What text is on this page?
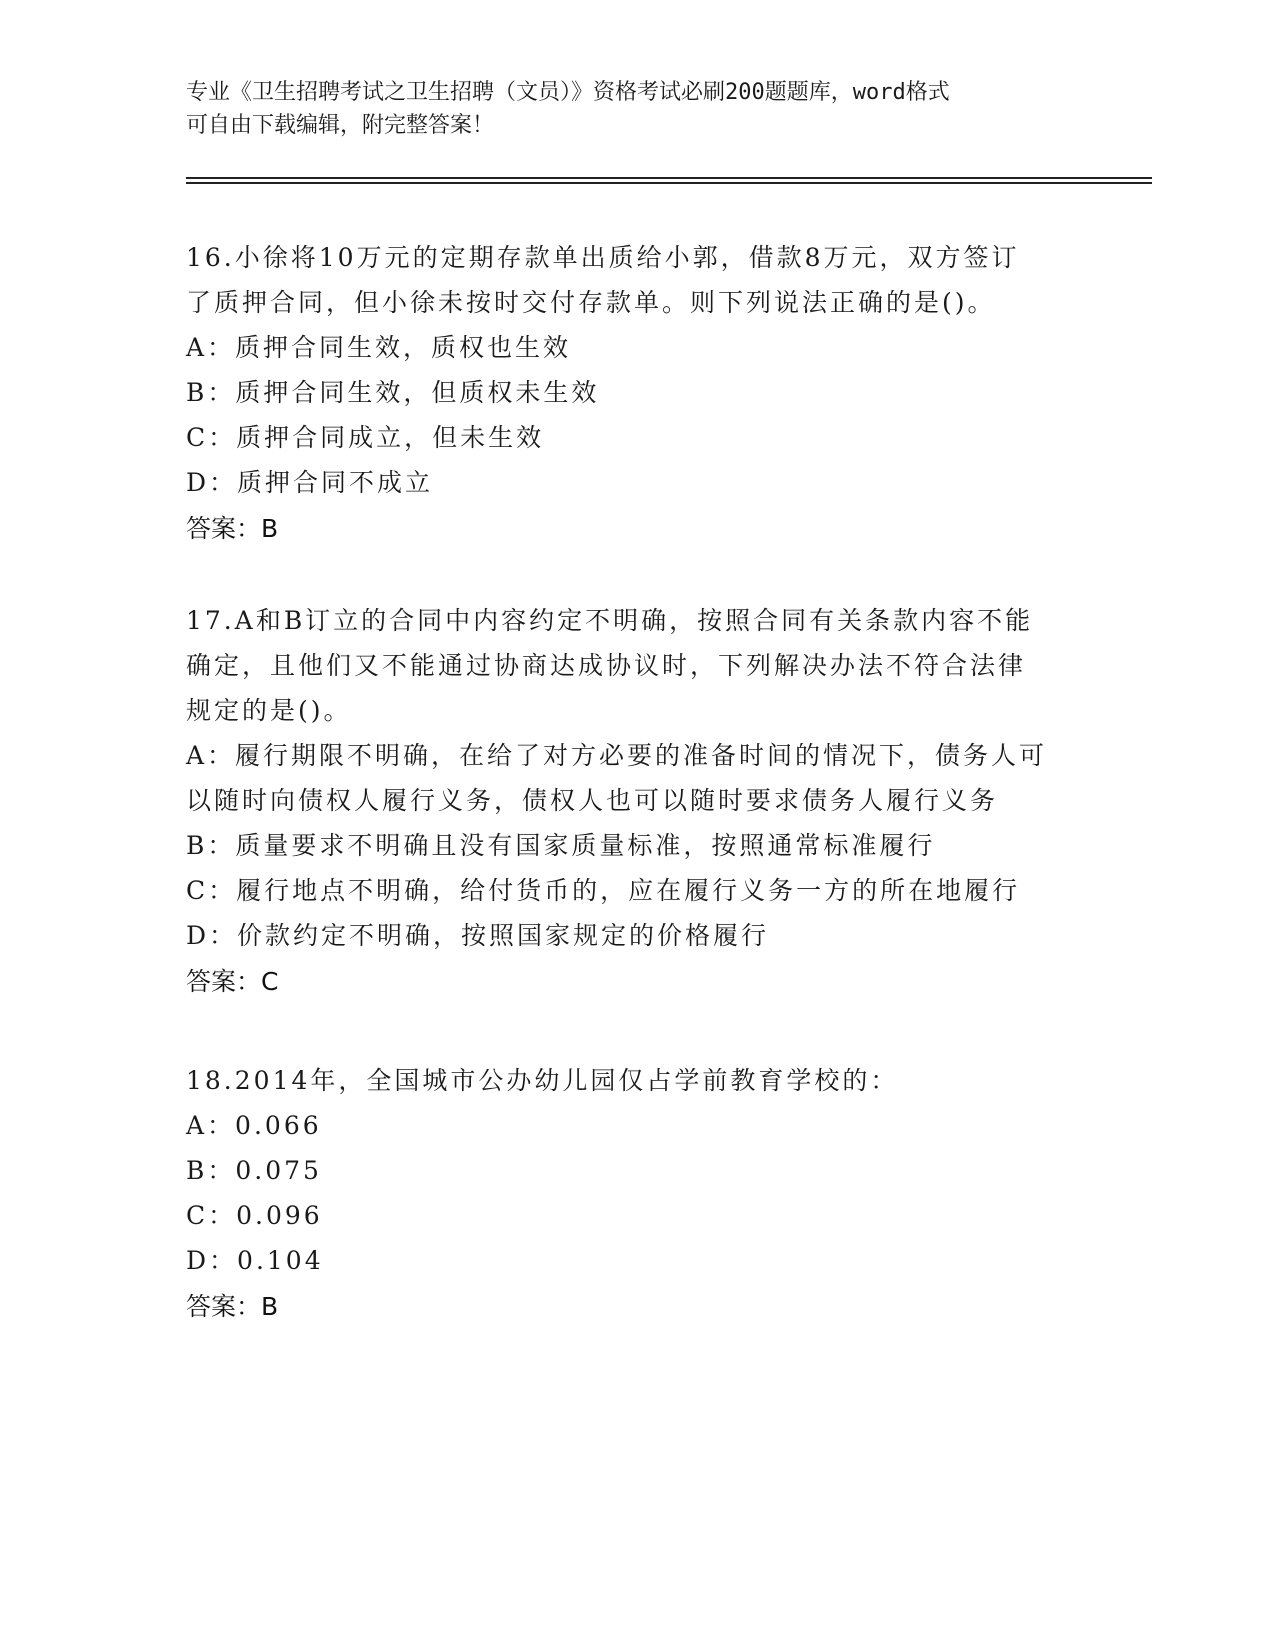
专业《卫生招聘考试之卫生招聘（文员）》资格考试必刷200题题库，word格式
可自由下载编辑，附完整答案！
16.小徐将10万元的定期存款单出质给小郭，借款8万元，双方签订
了质押合同，但小徐未按时交付存款单。则下列说法正确的是()。
A：质押合同生效，质权也生效
B：质押合同生效，但质权未生效
C：质押合同成立，但未生效
D：质押合同不成立
答案：B
17.A和B订立的合同中内容约定不明确，按照合同有关条款内容不能
确定，且他们又不能通过协商达成协议时，下列解决办法不符合法律
规定的是()。
A：履行期限不明确，在给了对方必要的准备时间的情况下，债务人可
以随时向债权人履行义务，债权人也可以随时要求债务人履行义务
B：质量要求不明确且没有国家质量标准，按照通常标准履行
C：履行地点不明确，给付货币的，应在履行义务一方的所在地履行
D：价款约定不明确，按照国家规定的价格履行
答案：C
18.2014年，全国城市公办幼儿园仅占学前教育学校的：
A：0.066
B：0.075
C：0.096
D：0.104
答案：B
